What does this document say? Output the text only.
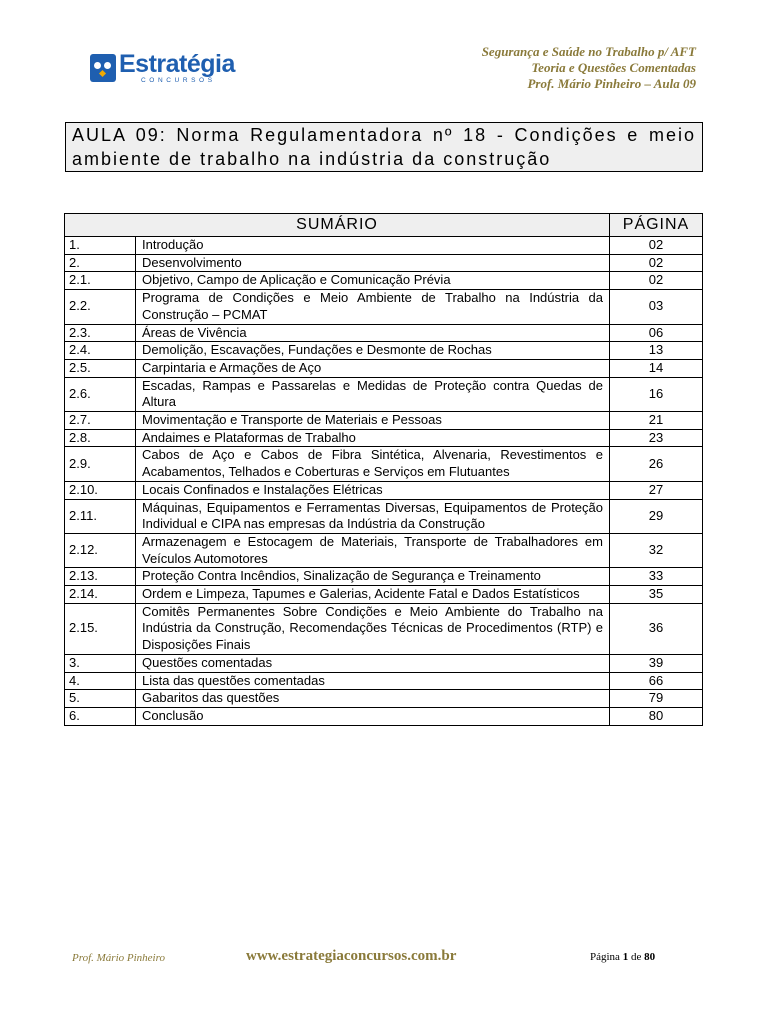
Estratégia
CONCURSOS
Segurança e Saúde no Trabalho p/ AFT
Teoria e Questões Comentadas
Prof. Mário Pinheiro – Aula 09
AULA 09: Norma Regulamentadora nº 18 - Condições e meio ambiente de trabalho na indústria da construção
SUMÁRIO		PÁGINA
1.	Introdução	02
2.	Desenvolvimento	02
2.1.	Objetivo, Campo de Aplicação e Comunicação Prévia	02
2.2.	Programa de Condições e Meio Ambiente de Trabalho na Indústria da Construção – PCMAT	03
2.3.	Áreas de Vivência	06
2.4.	Demolição, Escavações, Fundações e Desmonte de Rochas	13
2.5.	Carpintaria e Armações de Aço	14
2.6.	Escadas, Rampas e Passarelas e Medidas de Proteção contra Quedas de Altura	16
2.7.	Movimentação e Transporte de Materiais e Pessoas	21
2.8.	Andaimes e Plataformas de Trabalho	23
2.9.	Cabos de Aço e Cabos de Fibra Sintética, Alvenaria, Revestimentos e Acabamentos, Telhados e Coberturas e Serviços em Flutuantes	26
2.10.	Locais Confinados e Instalações Elétricas	27
2.11.	Máquinas, Equipamentos e Ferramentas Diversas, Equipamentos de Proteção Individual e CIPA nas empresas da Indústria da Construção	29
2.12.	Armazenagem e Estocagem de Materiais, Transporte de Trabalhadores em Veículos Automotores	32
2.13.	Proteção Contra Incêndios, Sinalização de Segurança e Treinamento	33
2.14.	Ordem e Limpeza, Tapumes e Galerias, Acidente Fatal e Dados Estatísticos	35
2.15.	Comitês Permanentes Sobre Condições e Meio Ambiente do Trabalho na Indústria da Construção, Recomendações Técnicas de Procedimentos (RTP) e Disposições Finais	36
3.	Questões comentadas	39
4.	Lista das questões comentadas	66
5.	Gabaritos das questões	79
6.	Conclusão	80
Prof. Mário Pinheiro	www.estrategiaconcursos.com.br	Página 1 de 80
